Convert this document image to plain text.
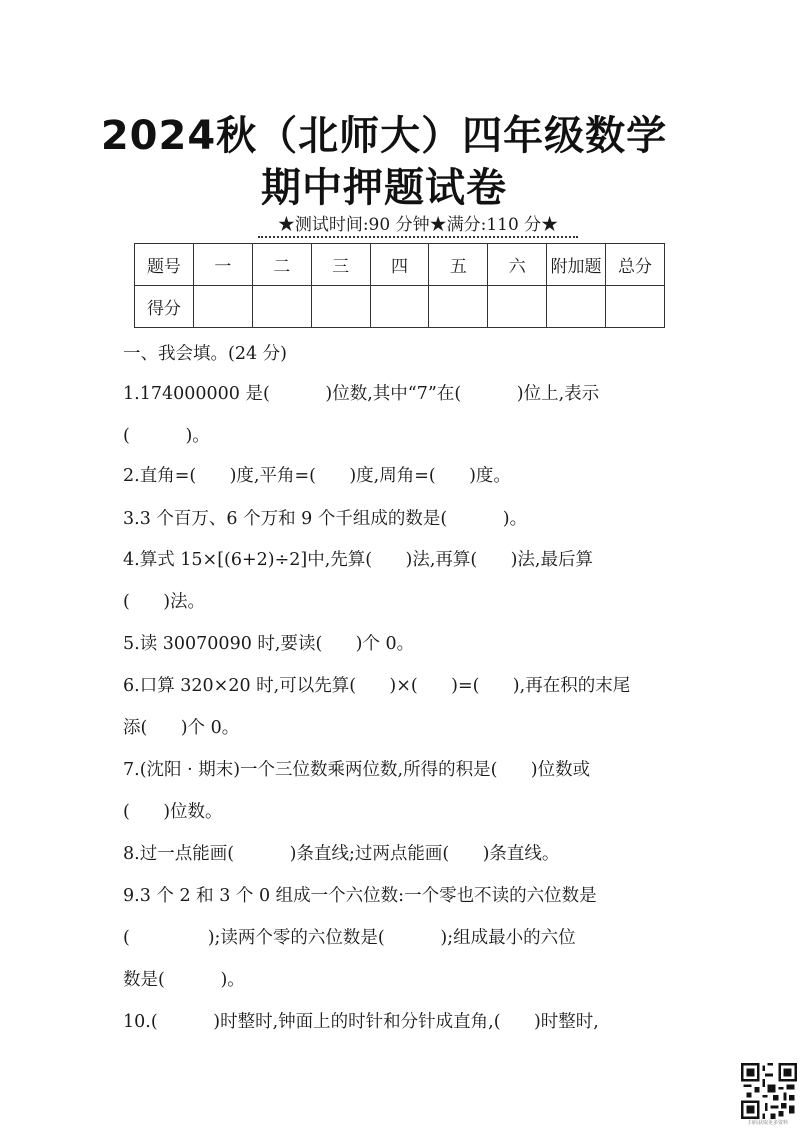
2024秋（北师大）四年级数学
期中押题试卷
★测试时间:90 分钟★满分:110 分★
题号	一	二	三	四	五	六	附加题	总分
得分								
一、我会填。(24 分)
1.174000000 是(          )位数,其中“7”在(          )位上,表示
(          )。
2.直角=(      )度,平角=(      )度,周角=(      )度。
3.3 个百万、6 个万和 9 个千组成的数是(          )。
4.算式 15×[(6+2)÷2]中,先算(      )法,再算(      )法,最后算
(      )法。
5.读 30070090 时,要读(      )个 0。
6.口算 320×20 时,可以先算(      )×(      )=(      ),再在积的末尾
添(      )个 0。
7.(沈阳 · 期末)一个三位数乘两位数,所得的积是(      )位数或
(      )位数。
8.过一点能画(          )条直线;过两点能画(      )条直线。
9.3 个 2 和 3 个 0 组成一个六位数:一个零也不读的六位数是
(              );读两个零的六位数是(          );组成最小的六位
数是(          )。
10.(          )时整时,钟面上的时针和分针成直角,(      )时整时,
扫码获取更多资料
